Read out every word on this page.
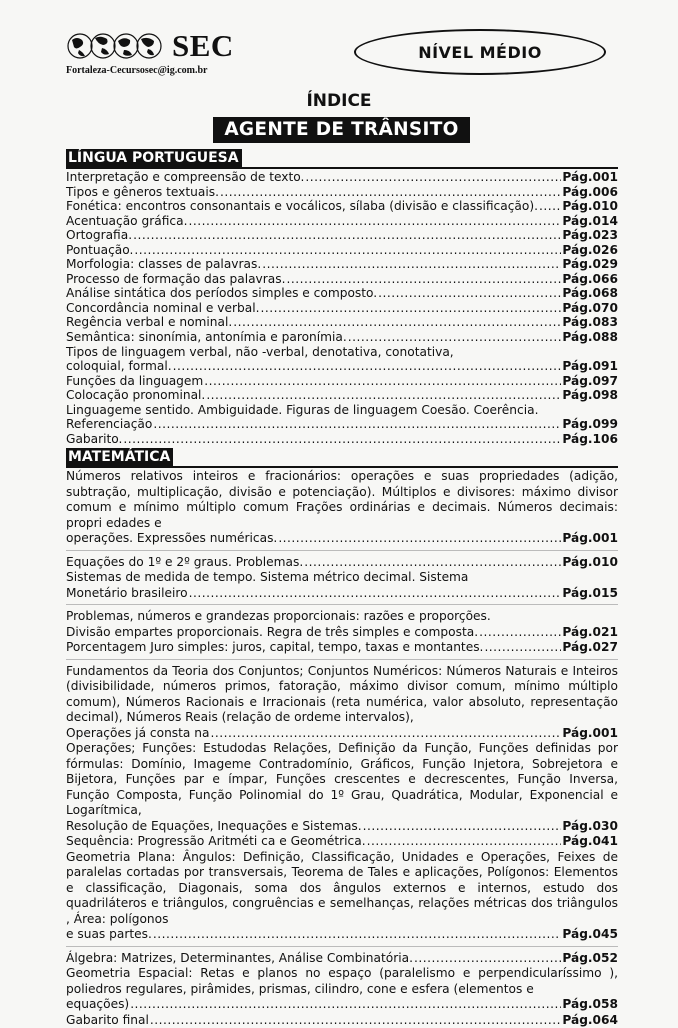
SEC
Fortaleza-Cecursosec@ig.com.br
NÍVEL MÉDIO
ÍNDICE
AGENTE DE TRÂNSITO
LÍNGUA PORTUGUESA
Interpretação e compreensão de texto. .....	Pág.001
Tipos e gêneros textuais. .....	Pág.006
Fonética: encontros consonantais e vocálicos, sílaba (divisão e classificação). ..... Pág.010
Acentuação gráfica. .....	Pág.014
Ortografia. .....	Pág.023
Pontuação. .....	Pág.026
Morfologia: classes de palavras. .....	Pág.029
Processo de formação das palavras. .....	Pág.066
Análise sintática dos períodos simples e composto. .....	Pág.068
Concordância nominal e verbal. .....	Pág.070
Regência verbal e nominal. .....	Pág.083
Semântica: sinonímia, antonímia e paronímia. .....	Pág.088
Tipos de linguagem verbal, não -verbal, denotativa, conotativa,
coloquial, formal. .....	Pág.091
Funções da linguagem .....	Pág.097
Colocação pronominal. .....	Pág.098
Linguageme sentido. Ambiguidade. Figuras de linguagem Coesão. Coerência.
Referenciação .....	Pág.099
Gabarito. .....	Pág.106
MATEMÁTICA
Números relativos inteiros e fracionários: operações e suas propriedades (adição, subtração, multiplicação, divisão e potenciação). Múltiplos e divisores: máximo divisor comum e mínimo múltiplo comum Frações ordinárias e decimais. Números decimais: propri edades e
operações. Expressões numéricas. .....	Pág.001
Equações do 1º e 2º graus. Problemas. .....	Pág.010
Sistemas de medida de tempo. Sistema métrico decimal. Sistema
Monetário brasileiro .....	Pág.015
Problemas, números e grandezas proporcionais: razões e proporções.
Divisão empartes proporcionais. Regra de três simples e composta. .....	Pág.021
Porcentagem Juro simples: juros, capital, tempo, taxas e montantes. .....	Pág.027
Fundamentos da Teoria dos Conjuntos; Conjuntos Numéricos: Números Naturais e Inteiros (divisibilidade, números primos, fatoração, máximo divisor comum, mínimo múltiplo comum), Números Racionais e Irracionais (reta numérica, valor absoluto, representação decimal), Números Reais (relação de ordeme intervalos),
Operações já consta na .....	Pág.001
Operações; Funções: Estudodas Relações, Definição da Função, Funções definidas por fórmulas: Domínio, Imageme Contradomínio, Gráficos, Função Injetora, Sobrejetora e Bijetora, Funções par e ímpar, Funções crescentes e decrescentes, Função Inversa, Função Composta, Função Polinomial do 1º Grau, Quadrática, Modular, Exponencial e Logarítmica,
Resolução de Equações, Inequações e Sistemas. .....	Pág.030
Sequência: Progressão Aritméti ca e Geométrica. .....	Pág.041
Geometria Plana: Ângulos: Definição, Classificação, Unidades e Operações, Feixes de paralelas cortadas por transversais, Teorema de Tales e aplicações, Polígonos: Elementos e classificação, Diagonais, soma dos ângulos externos e internos, estudo dos quadriláteros e triângulos, congruências e semelhanças, relações métricas dos triângulos , Área: polígonos
e suas partes. .....	Pág.045
Álgebra: Matrizes, Determinantes, Análise Combinatória. .....	Pág.052
Geometria Espacial: Retas e planos no espaço (paralelismo e perpendicularíssimo ), poliedros regulares, pirâmides, prismas, cilindro, cone e esfera (elementos e
equações) .....	Pág.058
Gabarito final .....	Pág.064
